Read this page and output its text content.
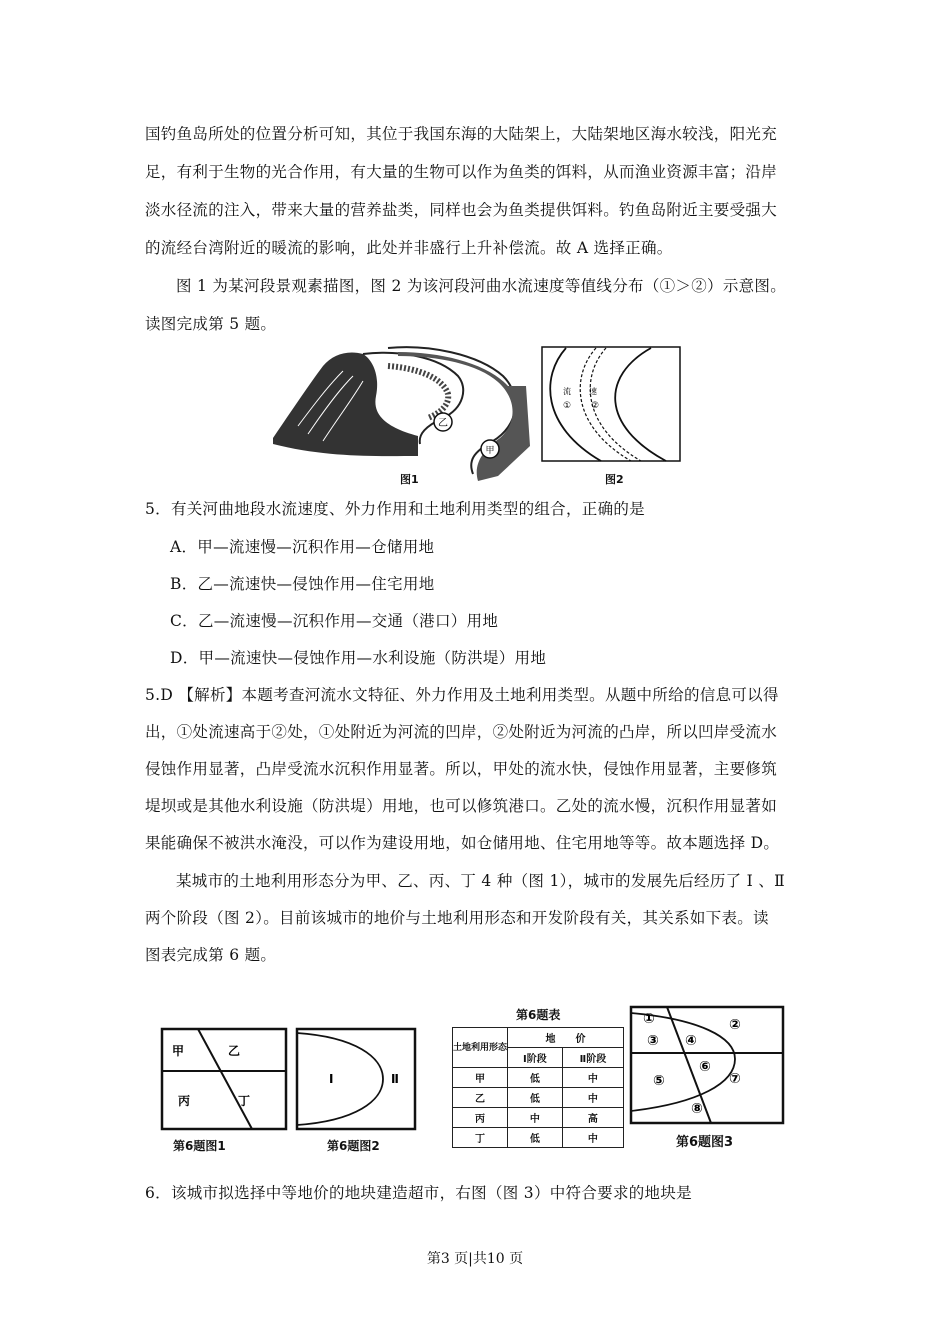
国钓鱼岛所处的位置分析可知，其位于我国东海的大陆架上，大陆架地区海水较浅，阳光充
足，有利于生物的光合作用，有大量的生物可以作为鱼类的饵料，从而渔业资源丰富；沿岸
淡水径流的注入，带来大量的营养盐类，同样也会为鱼类提供饵料。钓鱼岛附近主要受强大
的流经台湾附近的暖流的影响，此处并非盛行上升补偿流。故 A 选择正确。
图 1 为某河段景观素描图，图 2 为该河段河曲水流速度等值线分布（①＞②）示意图。
读图完成第 5 题。
乙
甲
图1
流 速
① ②
图2
5．有关河曲地段水流速度、外力作用和土地利用类型的组合，正确的是
A．甲—流速慢—沉积作用—仓储用地
B．乙—流速快—侵蚀作用—住宅用地
C．乙—流速慢—沉积作用—交通（港口）用地
D．甲—流速快—侵蚀作用—水利设施（防洪堤）用地
5.D 【解析】本题考查河流水文特征、外力作用及土地利用类型。从题中所给的信息可以得
出，①处流速高于②处，①处附近为河流的凹岸，②处附近为河流的凸岸，所以凹岸受流水
侵蚀作用显著，凸岸受流水沉积作用显著。所以，甲处的流水快，侵蚀作用显著，主要修筑
堤坝或是其他水利设施（防洪堤）用地，也可以修筑港口。乙处的流水慢，沉积作用显著如
果能确保不被洪水淹没，可以作为建设用地，如仓储用地、住宅用地等等。故本题选择 D。
某城市的土地利用形态分为甲、乙、丙、丁 4 种（图 1），城市的发展先后经历了 Ⅰ 、Ⅱ
两个阶段（图 2）。目前该城市的地价与土地利用形态和开发阶段有关，其关系如下表。读
图表完成第 6 题。
甲	乙
丙	丁
第6题图1
Ⅰ	Ⅱ
第6题图2
第6题表
土地利用形态	地　　价	
	Ⅰ阶段	Ⅱ阶段
甲	低	中
乙	低	中
丙	中	高
丁	低	中
①	②
③ ④
⑤
⑥
⑦
⑧
第6题图3
6．该城市拟选择中等地价的地块建造超市，右图（图 3）中符合要求的地块是
第3 页|共10 页
